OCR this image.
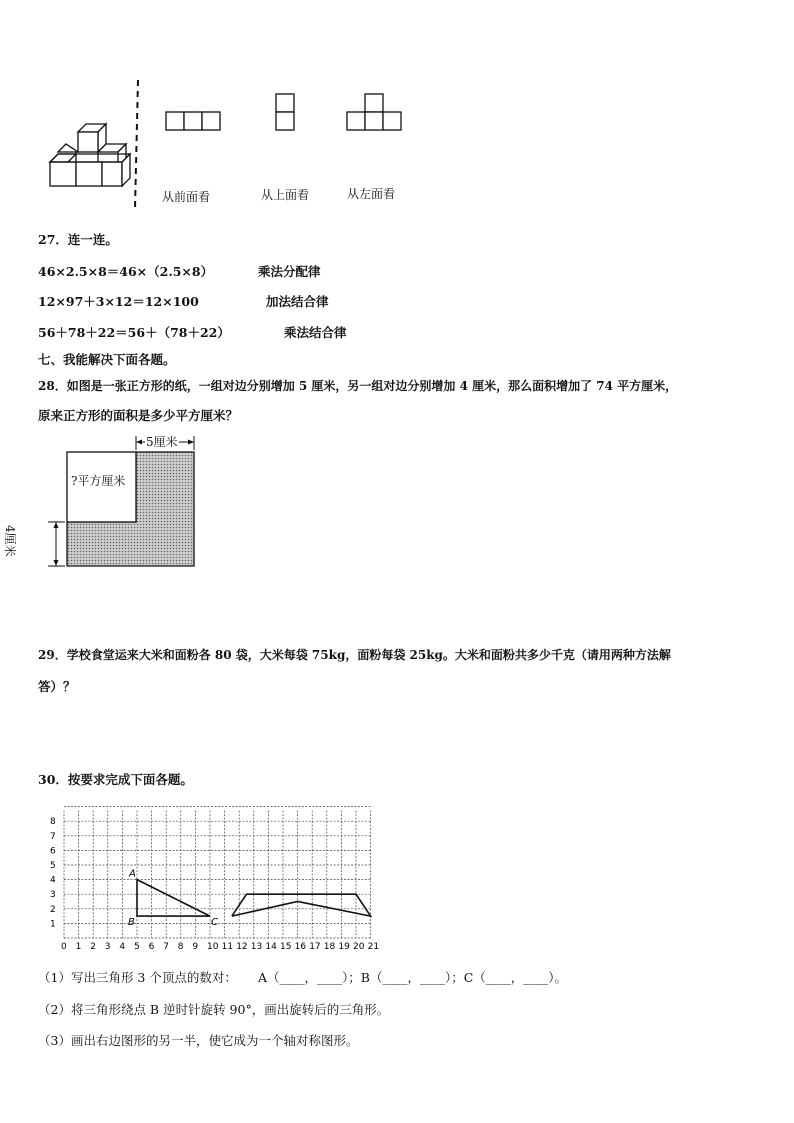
从前面看	从上面看	从左面看
27．连一连。
46×2.5×8＝46×（2.5×8）	乘法分配律
12×97＋3×12＝12×100	加法结合律
56＋78＋22＝56＋（78＋22）	乘法结合律
七、我能解决下面各题。
28．如图是一张正方形的纸，一组对边分别增加 5 厘米，另一组对边分别增加 4 厘米，那么面积增加了 74 平方厘米，
原来正方形的面积是多少平方厘米？
5厘米
?平方厘米
4厘米
29．学校食堂运来大米和面粉各 80 袋，大米每袋 75kg，面粉每袋 25kg。大米和面粉共多少千克（请用两种方法解
答）？
30．按要求完成下面各题。
0 1 2 3 4 5 6 7 8 9 10 11 12 13 14 15 16 17 18 19 20 21
1
2
3
4
5
6
7
8
A
B	C
（1）写出三角形 3 个顶点的数对： A（____，____）；B（____，____）；C（____，____）。
（2）将三角形绕点 B 逆时针旋转 90°，画出旋转后的三角形。
（3）画出右边图形的另一半，使它成为一个轴对称图形。
